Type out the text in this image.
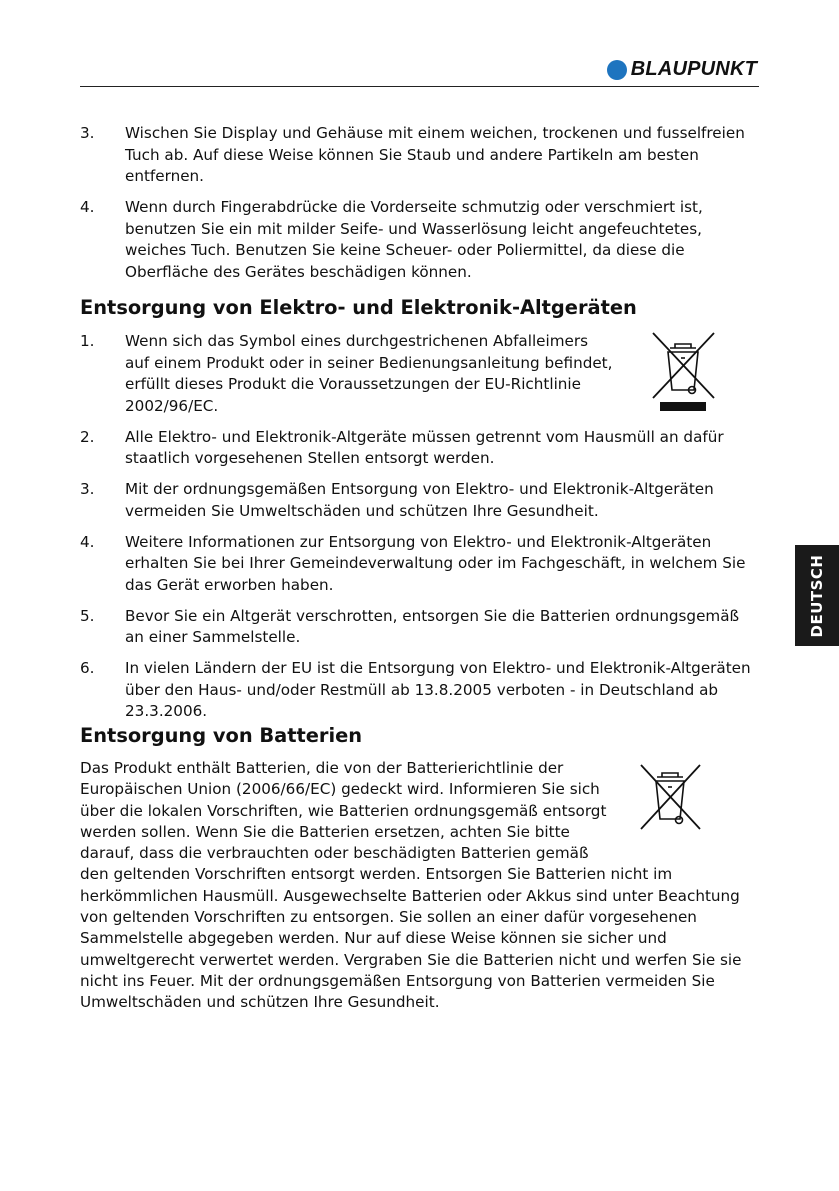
BLAUPUNKT
3. Wischen Sie Display und Gehäuse mit einem weichen, trockenen und fusselfreien Tuch ab. Auf diese Weise können Sie Staub und andere Partikeln am besten entfernen.
4. Wenn durch Fingerabdrücke die Vorderseite schmutzig oder verschmiert ist, benutzen Sie ein mit milder Seife- und Wasserlösung leicht angefeuchtetes, weiches Tuch. Benutzen Sie keine Scheuer- oder Poliermittel, da diese die Oberfläche des Gerätes beschädigen können.
Entsorgung von Elektro- und Elektronik-Altgeräten
1. Wenn sich das Symbol eines durchgestrichenen Abfalleimers auf einem Produkt oder in seiner Bedienungsanleitung befindet, erfüllt dieses Produkt die Voraussetzungen der EU-Richtlinie 2002/96/EC.
2. Alle Elektro- und Elektronik-Altgeräte müssen getrennt vom Hausmüll an dafür staatlich vorgesehenen Stellen entsorgt werden.
3. Mit der ordnungsgemäßen Entsorgung von Elektro- und Elektronik-Altgeräten vermeiden Sie Umweltschäden und schützen Ihre Gesundheit.
4. Weitere Informationen zur Entsorgung von Elektro- und Elektronik-Altgeräten erhalten Sie bei Ihrer Gemeindeverwaltung oder im Fachgeschäft, in welchem Sie das Gerät erworben haben.
5. Bevor Sie ein Altgerät verschrotten, entsorgen Sie die Batterien ordnungsgemäß an einer Sammelstelle.
6. In vielen Ländern der EU ist die Entsorgung von Elektro- und Elektronik-Altgeräten über den Haus- und/oder Restmüll ab 13.8.2005 verboten - in Deutschland ab 23.3.2006.
Entsorgung von Batterien
Das Produkt enthält Batterien, die von der Batterierichtlinie der Europäischen Union (2006/66/EC) gedeckt wird. Informieren Sie sich über die lokalen Vorschriften, wie Batterien ordnungsgemäß entsorgt werden sollen. Wenn Sie die Batterien ersetzen, achten Sie bitte darauf, dass die verbrauchten oder beschädigten Batterien gemäß den geltenden Vorschriften entsorgt werden. Entsorgen Sie Batterien nicht im herkömmlichen Hausmüll. Ausgewechselte Batterien oder Akkus sind unter Beachtung von geltenden Vorschriften zu entsorgen. Sie sollen an einer dafür vorgesehenen Sammelstelle abgegeben werden. Nur auf diese Weise können sie sicher und umweltgerecht verwertet werden. Vergraben Sie die Batterien nicht und werfen Sie sie nicht ins Feuer. Mit der ordnungsgemäßen Entsorgung von Batterien vermeiden Sie Umweltschäden und schützen Ihre Gesundheit.
DEUTSCH
